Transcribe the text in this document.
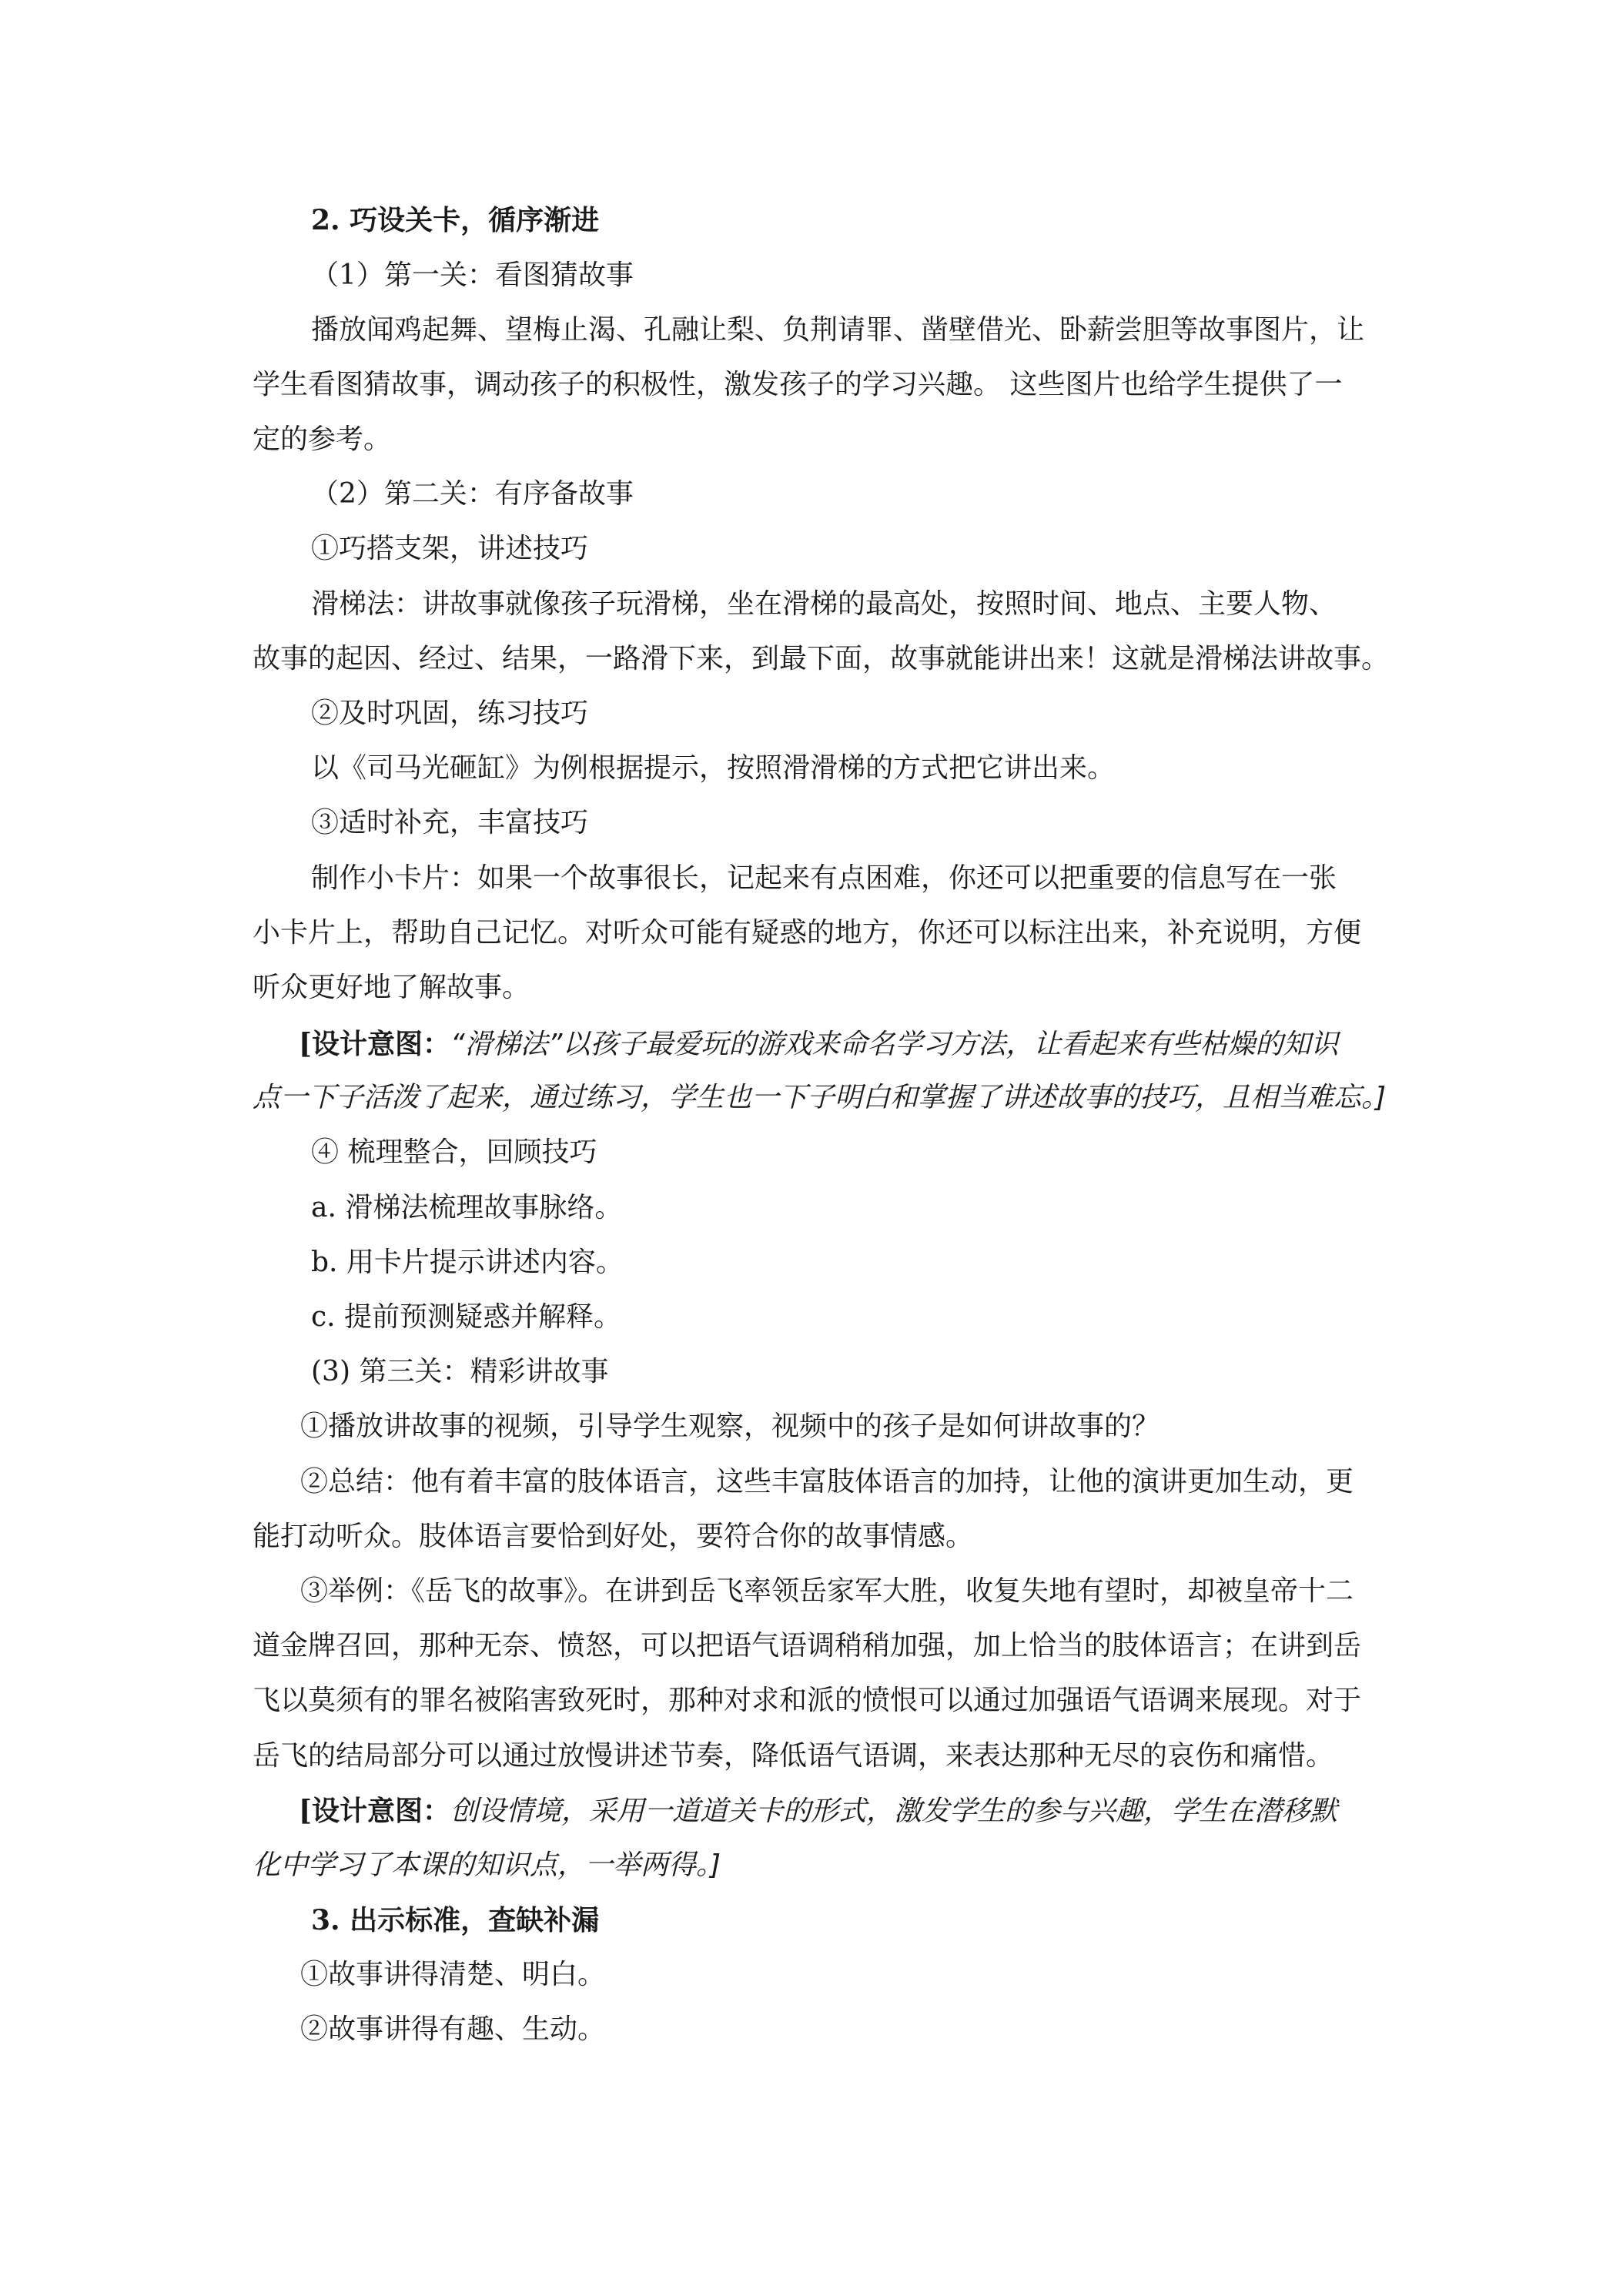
2. 巧设关卡，循序渐进
（1）第一关：看图猜故事
播放闻鸡起舞、望梅止渴、孔融让梨、负荆请罪、凿壁借光、卧薪尝胆等故事图片，让
学生看图猜故事，调动孩子的积极性，激发孩子的学习兴趣。 这些图片也给学生提供了一
定的参考。
（2）第二关：有序备故事
①巧搭支架，讲述技巧
滑梯法：讲故事就像孩子玩滑梯，坐在滑梯的最高处，按照时间、地点、主要人物、
故事的起因、经过、结果，一路滑下来，到最下面，故事就能讲出来！这就是滑梯法讲故事。
②及时巩固，练习技巧
以《司马光砸缸》为例根据提示，按照滑滑梯的方式把它讲出来。
③适时补充，丰富技巧
制作小卡片：如果一个故事很长，记起来有点困难，你还可以把重要的信息写在一张
小卡片上，帮助自己记忆。对听众可能有疑惑的地方，你还可以标注出来，补充说明，方便
听众更好地了解故事。
[设计意图：“滑梯法”以孩子最爱玩的游戏来命名学习方法，让看起来有些枯燥的知识
点一下子活泼了起来，通过练习，学生也一下子明白和掌握了讲述故事的技巧，且相当难忘。]
④ 梳理整合，回顾技巧
a. 滑梯法梳理故事脉络。
b. 用卡片提示讲述内容。
c. 提前预测疑惑并解释。
(3) 第三关：精彩讲故事
①播放讲故事的视频，引导学生观察，视频中的孩子是如何讲故事的？
②总结：他有着丰富的肢体语言，这些丰富肢体语言的加持，让他的演讲更加生动，更
能打动听众。肢体语言要恰到好处，要符合你的故事情感。
③举例：《岳飞的故事》。在讲到岳飞率领岳家军大胜，收复失地有望时，却被皇帝十二
道金牌召回，那种无奈、愤怒，可以把语气语调稍稍加强，加上恰当的肢体语言；在讲到岳
飞以莫须有的罪名被陷害致死时，那种对求和派的愤恨可以通过加强语气语调来展现。对于
岳飞的结局部分可以通过放慢讲述节奏，降低语气语调，来表达那种无尽的哀伤和痛惜。
[设计意图：创设情境，采用一道道关卡的形式，激发学生的参与兴趣，学生在潜移默
化中学习了本课的知识点，一举两得。]
3. 出示标准，查缺补漏
①故事讲得清楚、明白。
②故事讲得有趣、生动。
